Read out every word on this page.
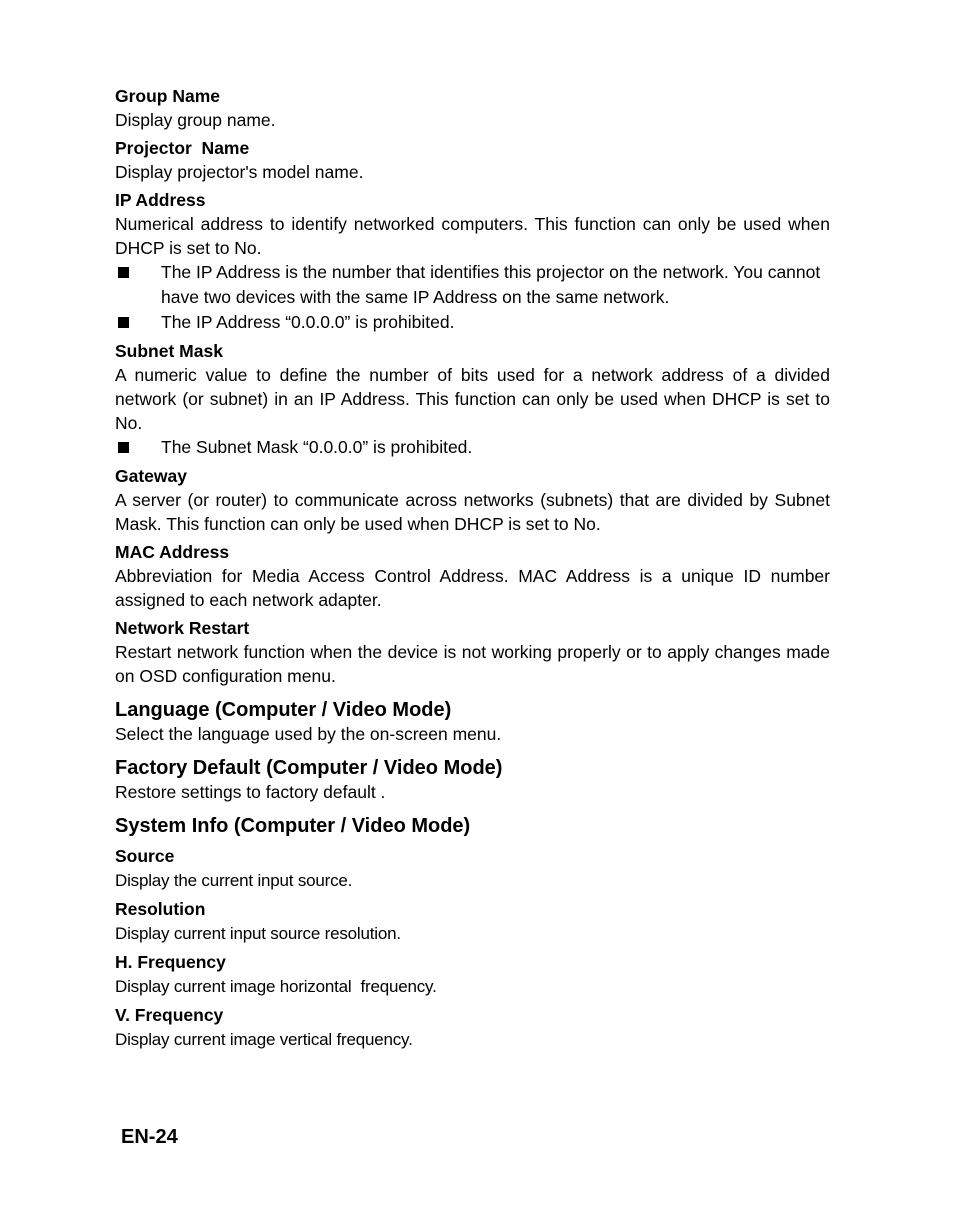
Group Name

Display group name.

Projector  Name

Display projector's model name.

IP Address

Numerical address to identify networked computers. This function can only be used when DHCP is set to No.

The IP Address is the number that identifies this projector on the network. You cannot have two devices with the same IP Address on the same network.
The IP Address “0.0.0.0” is prohibited.

Subnet Mask

A numeric value to define the number of bits used for a network address of a divided network (or subnet) in an IP Address. This function can only be used when DHCP is set to No.

The Subnet Mask “0.0.0.0” is prohibited.

Gateway

A server (or router) to communicate across networks (subnets) that are divided by Subnet Mask. This function can only be used when DHCP is set to No.

MAC Address

Abbreviation for Media Access Control Address. MAC Address is a unique ID number assigned to each network adapter.

Network Restart

Restart network function when the device is not working properly or to apply changes made on OSD configuration menu.

Language (Computer / Video Mode)

Select the language used by the on-screen menu.

Factory Default (Computer / Video Mode)

Restore settings to factory default .

System Info (Computer / Video Mode)

Source

Display the current input source.

Resolution

Display current input source resolution.

H. Frequency

Display current image horizontal  frequency.

V. Frequency

Display current image vertical frequency.

EN-24
